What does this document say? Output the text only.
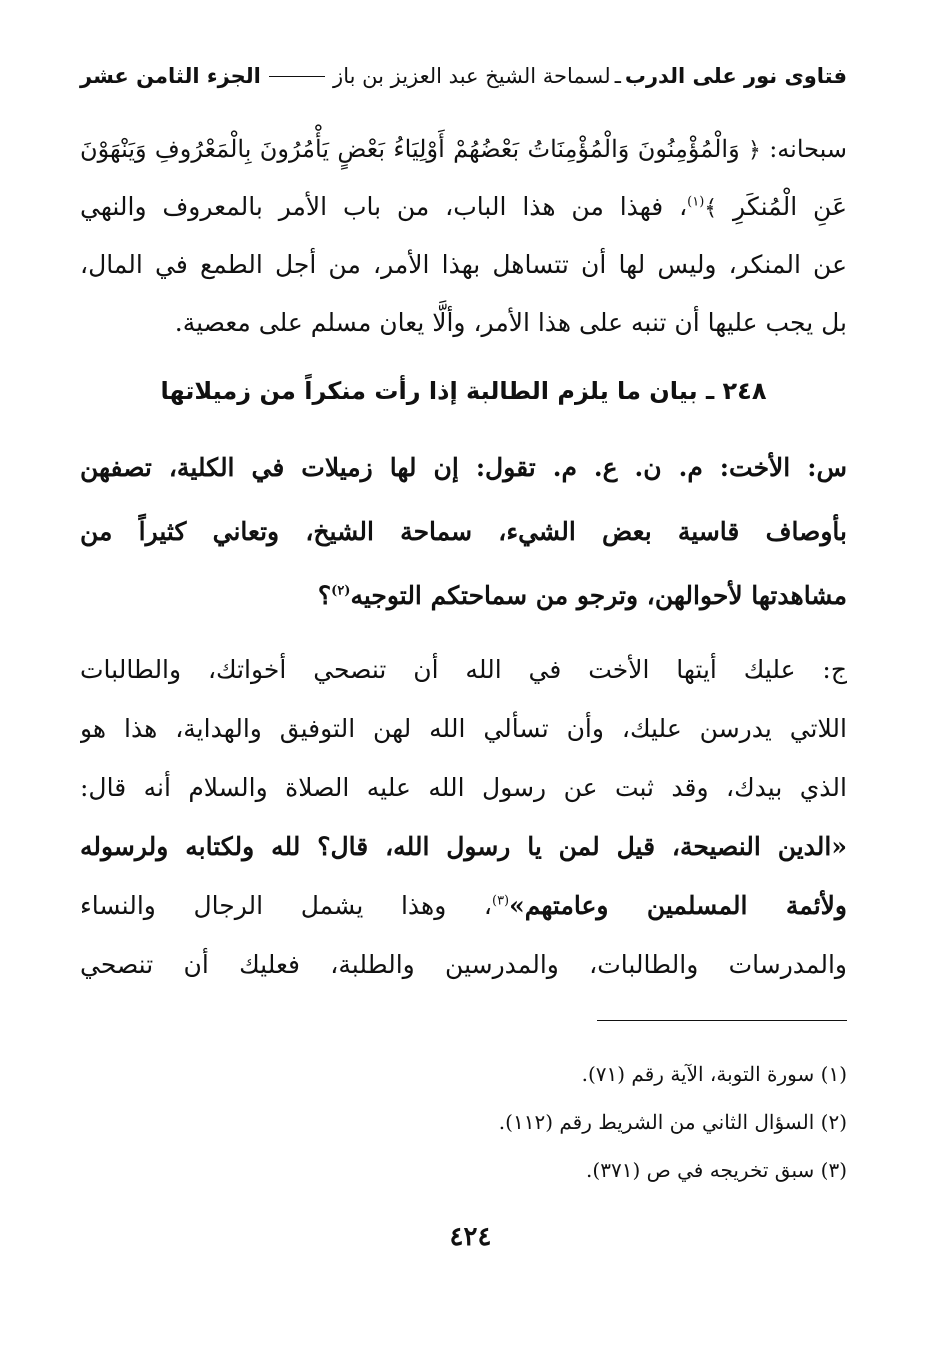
فتاوى نور على الدرب
ـ
لسماحة الشيخ عبد العزيز بن باز
الجزء الثامن عشر
سبحانه: ﴿ وَالْمُؤْمِنُونَ وَالْمُؤْمِنَاتُ بَعْضُهُمْ أَوْلِيَاءُ بَعْضٍ يَأْمُرُونَ بِالْمَعْرُوفِ وَيَنْهَوْنَ
عَنِ الْمُنكَرِ ﴾$^{(١)}$، فهذا من هذا الباب، من باب الأمر بالمعروف والنهي
عن المنكر، وليس لها أن تتساهل بهذا الأمر، من أجل الطمع في المال،
بل يجب عليها أن تنبه على هذا الأمر، وألَّا يعان مسلم على معصية.
٢٤٨ ـ بيان ما يلزم الطالبة إذا رأت منكراً من زميلاتها
س: الأخت: م. ن. ع. م. تقول: إن لها زميلات في الكلية، تصفهن
بأوصاف قاسية بعض الشيء، سماحة الشيخ، وتعاني كثيراً من
مشاهدتها لأحوالهن، وترجو من سماحتكم التوجيه$^{(٢)}$؟
ج: عليك أيتها الأخت في الله أن تنصحي أخواتك، والطالبات
اللاتي يدرسن عليك، وأن تسألي الله لهن التوفيق والهداية، هذا هو
الذي بيدك، وقد ثبت عن رسول الله عليه الصلاة والسلام أنه قال:
«الدين النصيحة، قيل لمن يا رسول الله، قال؟ لله ولكتابه ولرسوله
ولأئمة المسلمين وعامتهم»$^{(٣)}$، وهذا يشمل الرجال والنساء
والمدرسات والطالبات، والمدرسين والطلبة، فعليك أن تنصحي
(١) سورة التوبة، الآية رقم (٧١).
(٢) السؤال الثاني من الشريط رقم (١١٢).
(٣) سبق تخريجه في ص (٣٧١).
٤٢٤
